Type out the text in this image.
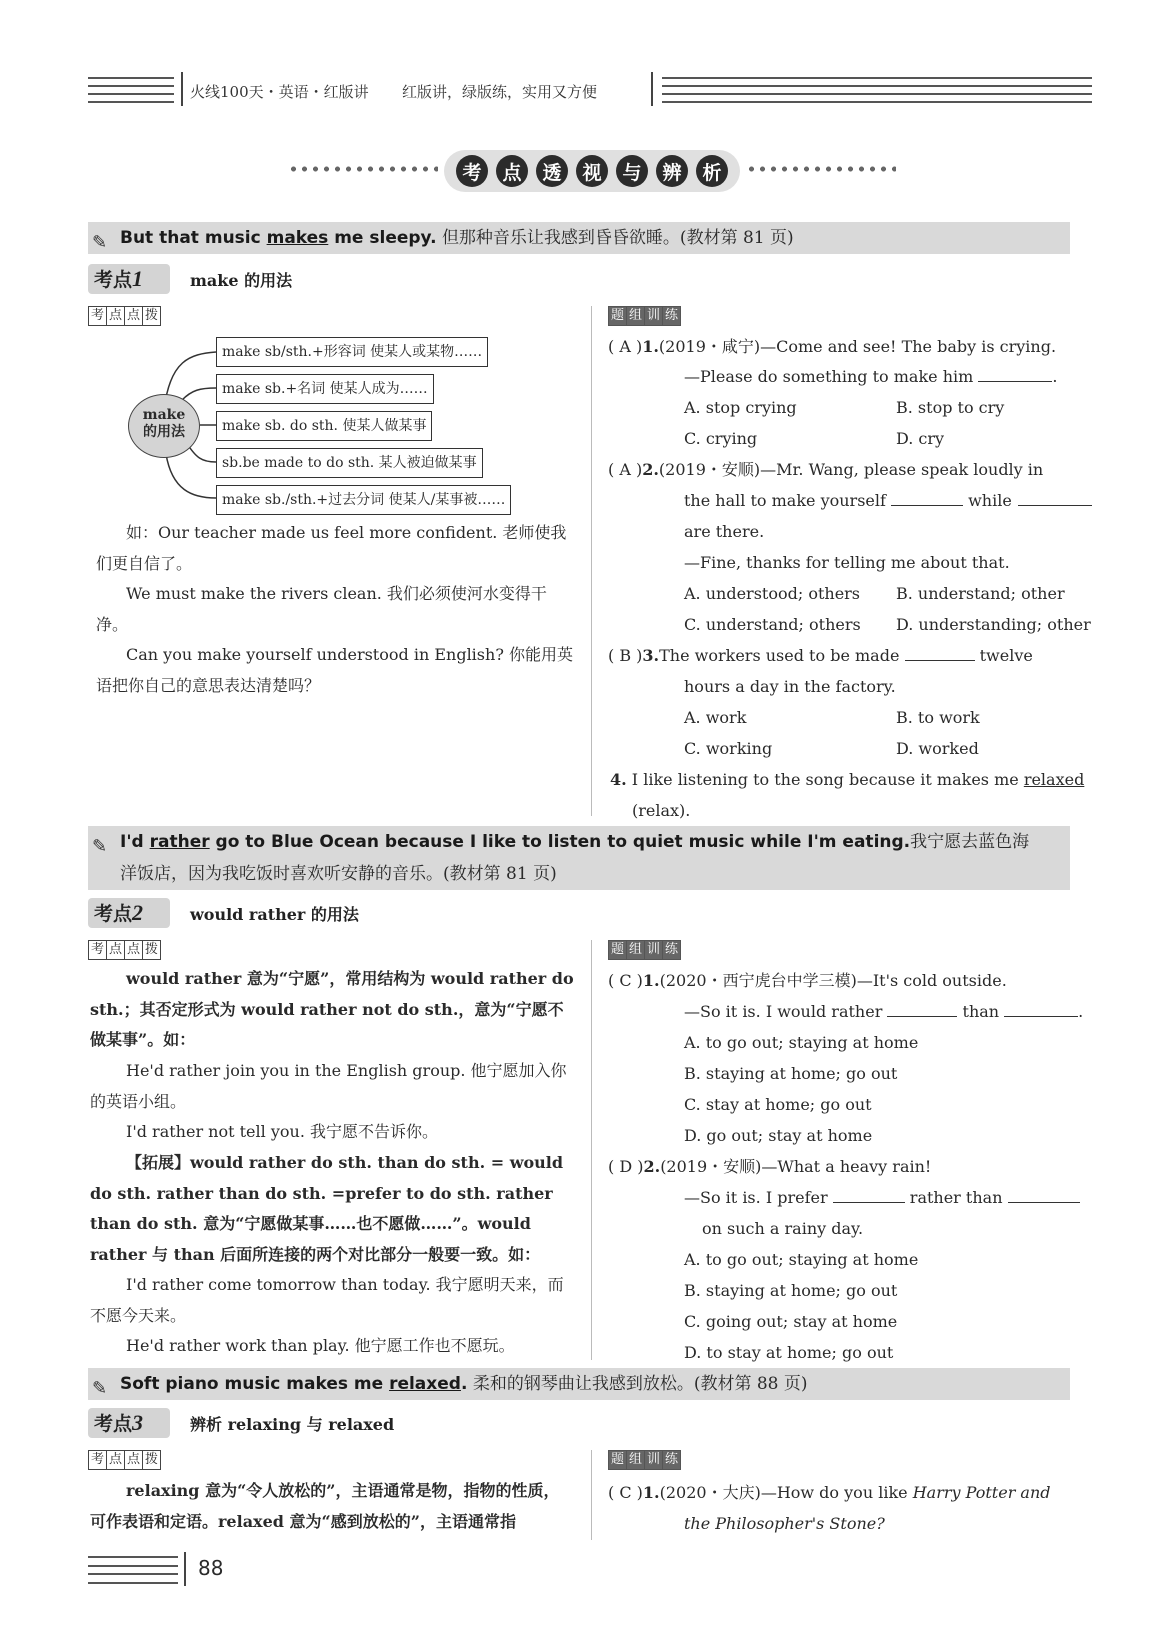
火线100天・英语・红版讲 红版讲，绿版练，实用又方便
考	点	透	视	与	辨	析
✎ But that music makes me sleepy. 但那种音乐让我感到昏昏欲睡。(教材第 81 页)
考点1	make 的用法
考 点 点 拨
make
的用法
make sb/sth.+形容词 使某人或某物……
make sb.+名词 使某人成为……
make sb. do sth. 使某人做某事
sb.be made to do sth. 某人被迫做某事
make sb./sth.+过去分词 使某人/某事被……
如：Our teacher made us feel more confident. 老师使我们更自信了。
We must make the rivers clean. 我们必须使河水变得干净。
Can you make yourself understood in English? 你能用英语把你自己的意思表达清楚吗？
题 组 训 练
( A )1.(2019・咸宁)—Come and see! The baby is crying.
—Please do something to make him	.
A. stop crying	B. stop to cry
C. crying	D. cry
( A )2.(2019・安顺)—Mr. Wang, please speak loudly in
the hall to make yourself	while
are there.
—Fine, thanks for telling me about that.
A. understood; others B. understand; other
C. understand; others D. understanding; other
( B )3.The workers used to be made	twelve
hours a day in the factory.
A. work	B. to work
C. working	D. worked
4. I like listening to the song because it makes me relaxed
(relax).
✎ I'd rather go to Blue Ocean because I like to listen to quiet music while I'm eating.我宁愿去蓝色海
洋饭店，因为我吃饭时喜欢听安静的音乐。(教材第 81 页)
考点2	would rather 的用法
考 点 点 拨
would rather 意为“宁愿”，常用结构为 would rather do sth.；其否定形式为 would rather not do sth.，意为“宁愿不做某事”。如：
He'd rather join you in the English group. 他宁愿加入你的英语小组。
I'd rather not tell you. 我宁愿不告诉你。
【拓展】would rather do sth. than do sth. = would do sth. rather than do sth. =prefer to do sth. rather than do sth. 意为“宁愿做某事……也不愿做……”。would rather 与 than 后面所连接的两个对比部分一般要一致。如：
I'd rather come tomorrow than today. 我宁愿明天来，而不愿今天来。
He'd rather work than play. 他宁愿工作也不愿玩。
题 组 训 练
( C )1.(2020・西宁虎台中学三模)—It's cold outside.
—So it is. I would rather	than	.
A. to go out; staying at home
B. staying at home; go out
C. stay at home; go out
D. go out; stay at home
( D )2.(2019・安顺)—What a heavy rain!
—So it is. I prefer	rather than
on such a rainy day.
A. to go out; staying at home
B. staying at home; go out
C. going out; stay at home
D. to stay at home; go out
✎ Soft piano music makes me relaxed. 柔和的钢琴曲让我感到放松。(教材第 88 页)
考点3	辨析 relaxing 与 relaxed
考 点 点 拨
relaxing 意为“令人放松的”，主语通常是物，指物的性质，可作表语和定语。relaxed 意为“感到放松的”，主语通常指
题 组 训 练
( C )1.(2020・大庆)—How do you like Harry Potter and
the Philosopher's Stone?
88
